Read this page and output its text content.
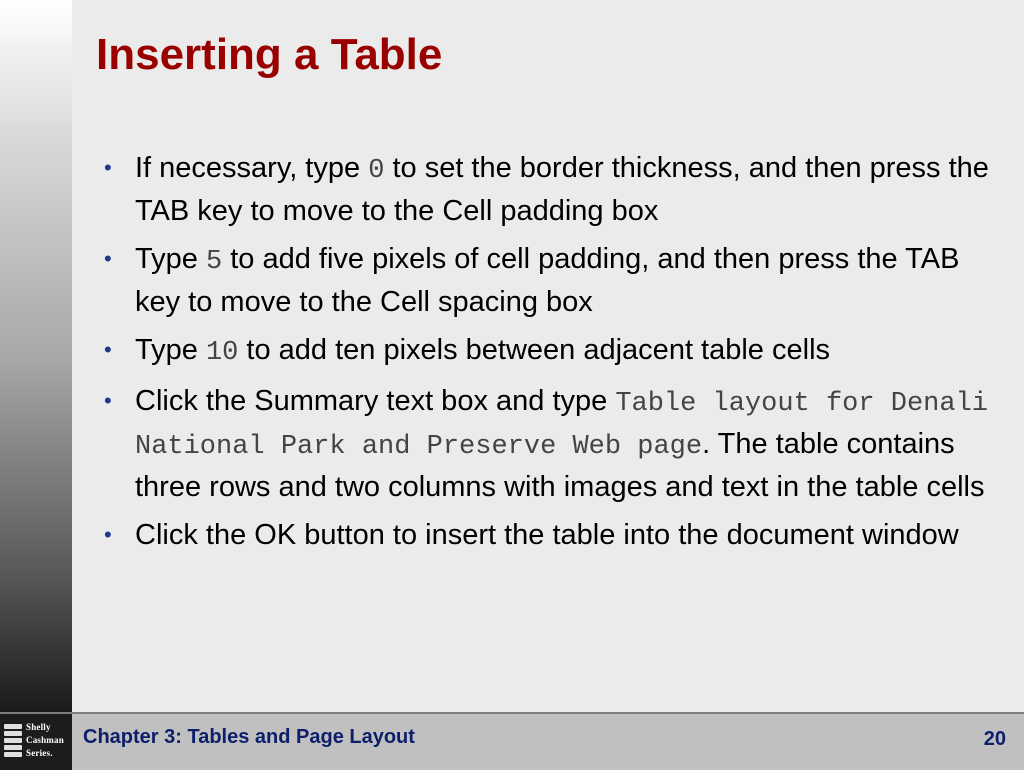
Inserting a Table
• If necessary, type 0 to set the border thickness, and then press the TAB key to move to the Cell padding box
• Type 5 to add five pixels of cell padding, and then press the TAB key to move to the Cell spacing box
• Type 10 to add ten pixels between adjacent table cells
• Click the Summary text box and type Table layout for Denali National Park and Preserve Web page. The table contains three rows and two columns with images and text in the table cells
• Click the OK button to insert the table into the document window
Shelly
Cashman
Series.
Chapter 3: Tables and Page Layout	20
